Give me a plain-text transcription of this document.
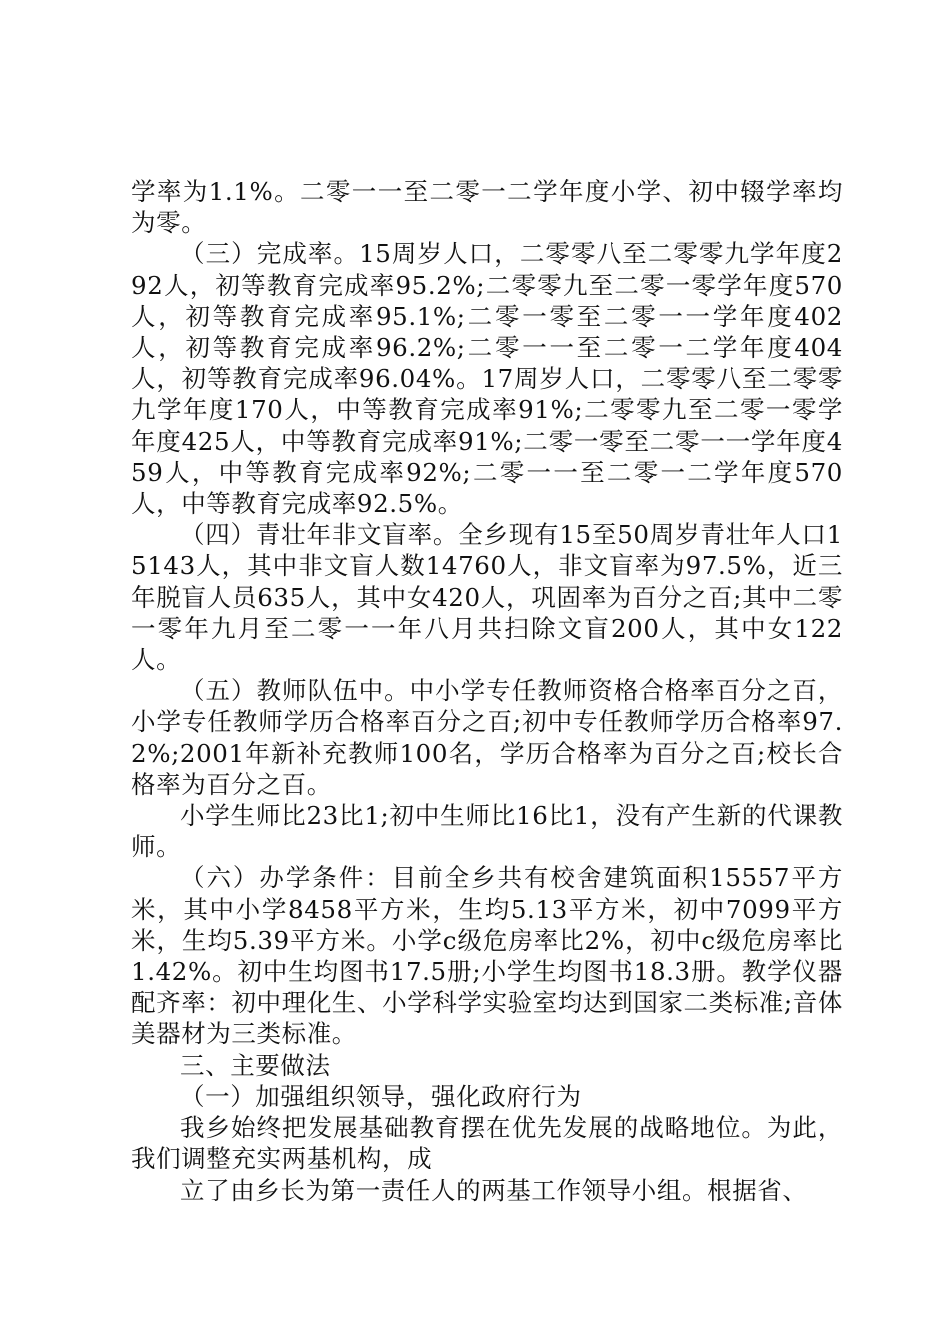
学率为1.1%。二零一一至二零一二学年度小学、初中辍学率均为零。

（三）完成率。15周岁人口，二零零八至二零零九学年度292人，初等教育完成率95.2%;二零零九至二零一零学年度570人，初等教育完成率95.1%;二零一零至二零一一学年度402人，初等教育完成率96.2%;二零一一至二零一二学年度404人，初等教育完成率96.04%。17周岁人口，二零零八至二零零九学年度170人，中等教育完成率91%;二零零九至二零一零学年度425人，中等教育完成率91%;二零一零至二零一一学年度459人，中等教育完成率92%;二零一一至二零一二学年度570人，中等教育完成率92.5%。

（四）青壮年非文盲率。全乡现有15至50周岁青壮年人口15143人，其中非文盲人数14760人，非文盲率为97.5%，近三年脱盲人员635人，其中女420人，巩固率为百分之百;其中二零一零年九月至二零一一年八月共扫除文盲200人，其中女122人。

（五）教师队伍中。中小学专任教师资格合格率百分之百，小学专任教师学历合格率百分之百;初中专任教师学历合格率97.2%;2001年新补充教师100名，学历合格率为百分之百;校长合格率为百分之百。

小学生师比23比1;初中生师比16比1，没有产生新的代课教师。

（六）办学条件：目前全乡共有校舍建筑面积15557平方米，其中小学8458平方米，生均5.13平方米，初中7099平方米，生均5.39平方米。小学c级危房率比2%，初中c级危房率比1.42%。初中生均图书17.5册;小学生均图书18.3册。教学仪器配齐率：初中理化生、小学科学实验室均达到国家二类标准;音体美器材为三类标准。

三、主要做法

（一）加强组织领导，强化政府行为

我乡始终把发展基础教育摆在优先发展的战略地位。为此，我们调整充实两基机构，成

立了由乡长为第一责任人的两基工作领导小组。根据省、
